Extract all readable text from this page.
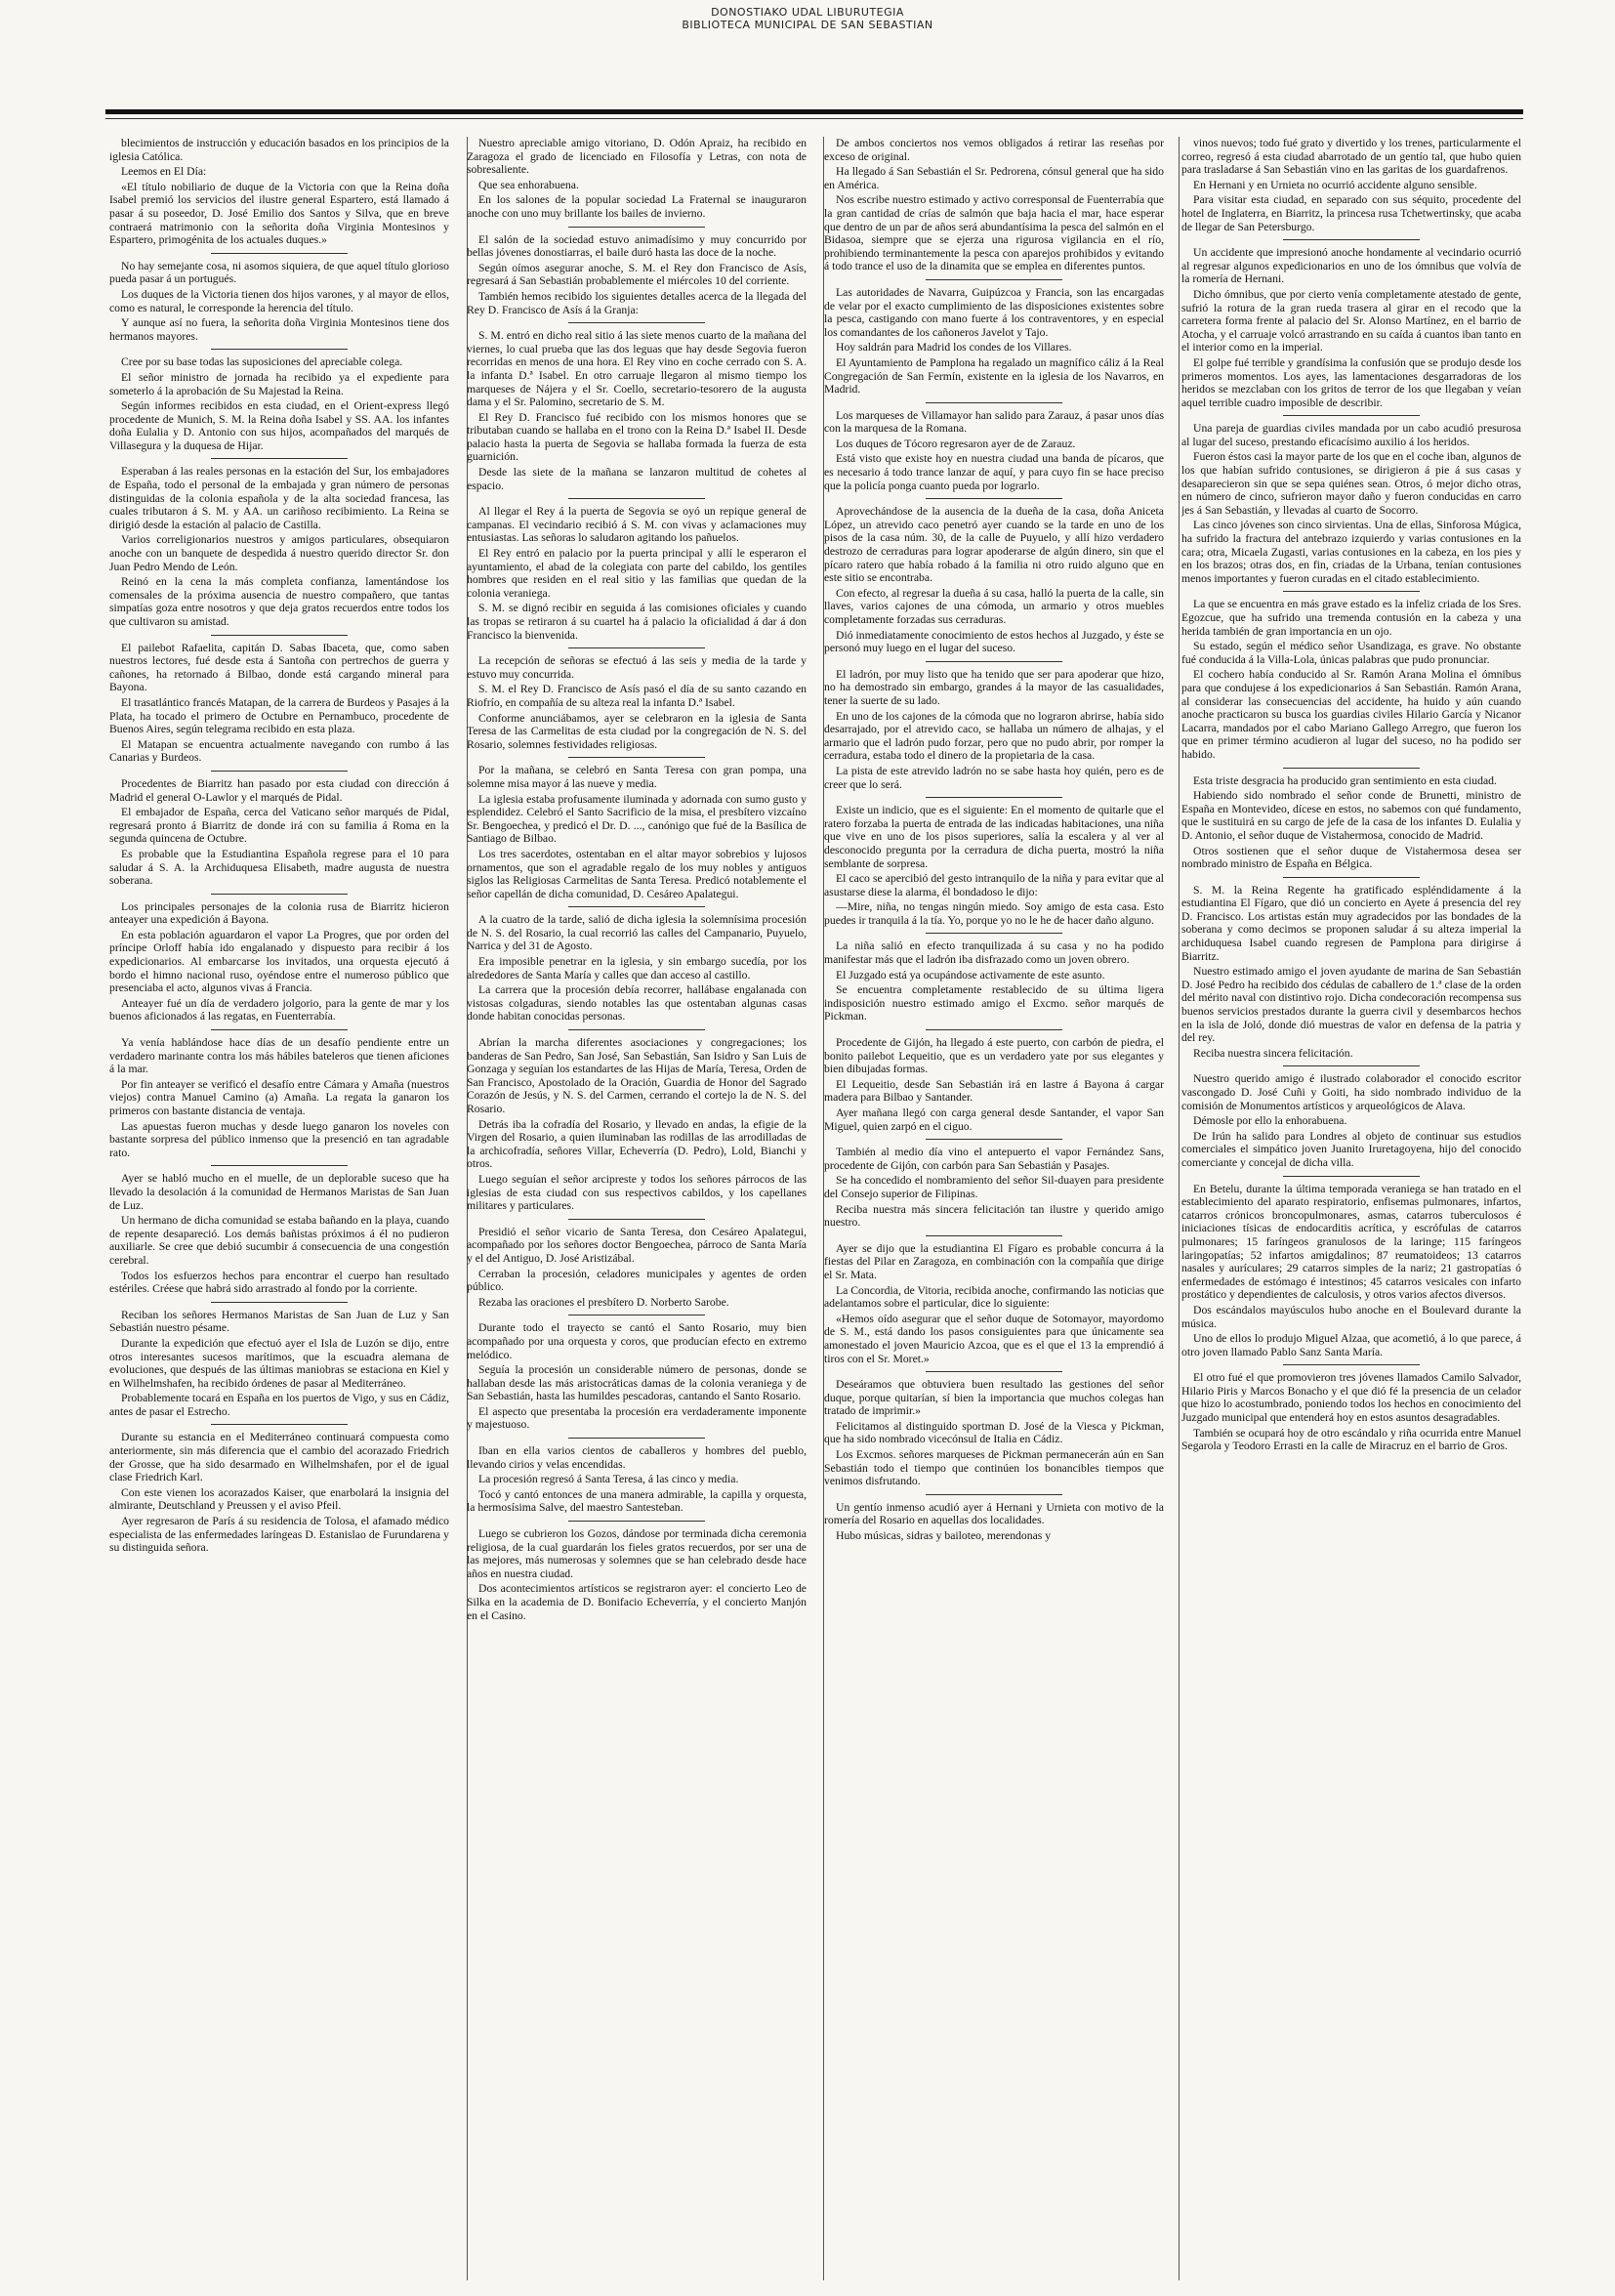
DONOSTIAKO UDAL LIBURUTEGIA
BIBLIOTECA MUNICIPAL DE SAN SEBASTIAN

blecimientos de instrucción y educación basados en los principios de la iglesia Católica.

Leemos en El Día:

«El título nobiliario de duque de la Victoria con que la Reina doña Isabel premió los servicios del ilustre general Espartero, está llamado á pasar á su poseedor, D. José Emilio dos Santos y Silva, que en breve contraerá matrimonio con la señorita doña Virginia Montesinos y Espartero, primogénita de los actuales duques.»

No hay semejante cosa, ni asomos siquiera, de que aquel título glorioso pueda pasar á un portugués.

Los duques de la Victoria tienen dos hijos varones, y al mayor de ellos, como es natural, le corresponde la herencia del título.

Y aunque así no fuera, la señorita doña Virginia Montesinos tiene dos hermanos mayores.

Cree por su base todas las suposiciones del apreciable colega.

El señor ministro de jornada ha recibido ya el expediente para someterlo á la aprobación de Su Majestad la Reina.

Según informes recibidos en esta ciudad, en el Orient-express llegó procedente de Munich, S. M. la Reina doña Isabel y SS. AA. los infantes doña Eulalia y D. Antonio con sus hijos, acompañados del marqués de Villasegura y la duquesa de Hijar.

Esperaban á las reales personas en la estación del Sur, los embajadores de España, todo el personal de la embajada y gran número de personas distinguidas de la colonia española y de la alta sociedad francesa, las cuales tributaron á S. M. y AA. un cariñoso recibimiento. La Reina se dirigió desde la estación al palacio de Castilla.

Varios correligionarios nuestros y amigos particulares, obsequiaron anoche con un banquete de despedida á nuestro querido director Sr. don Juan Pedro Mendo de León.

Reinó en la cena la más completa confianza, lamentándose los comensales de la próxima ausencia de nuestro compañero, que tantas simpatías goza entre nosotros y que deja gratos recuerdos entre todos los que cultivaron su amistad.

El pailebot Rafaelita, capitán D. Sabas Ibaceta, que, como saben nuestros lectores, fué desde esta á Santoña con pertrechos de guerra y cañones, ha retornado á Bilbao, donde está cargando mineral para Bayona.

El trasatlántico francés Matapan, de la carrera de Burdeos y Pasajes á la Plata, ha tocado el primero de Octubre en Pernambuco, procedente de Buenos Aires, según telegrama recibido en esta plaza.

El Matapan se encuentra actualmente navegando con rumbo á las Canarias y Burdeos.

Procedentes de Biarritz han pasado por esta ciudad con dirección á Madrid el general O-Lawlor y el marqués de Pidal.

El embajador de España, cerca del Vaticano señor marqués de Pidal, regresará pronto á Biarritz de donde irá con su familia á Roma en la segunda quincena de Octubre.

Es probable que la Estudiantina Española regrese para el 10 para saludar á S. A. la Archiduquesa Elisabeth, madre augusta de nuestra soberana.

Los principales personajes de la colonia rusa de Biarritz hicieron anteayer una expedición á Bayona.

En esta población aguardaron el vapor La Progres, que por orden del príncipe Orloff había ido engalanado y dispuesto para recibir á los expedicionarios. Al embarcarse los invitados, una orquesta ejecutó á bordo el himno nacional ruso, oyéndose entre el numeroso público que presenciaba el acto, algunos vivas á Francia.

Anteayer fué un día de verdadero jolgorio, para la gente de mar y los buenos aficionados á las regatas, en Fuenterrabía.

Ya venía hablándose hace días de un desafío pendiente entre un verdadero marinante contra los más hábiles bateleros que tienen aficiones á la mar.

Por fin anteayer se verificó el desafío entre Cámara y Amaña (nuestros viejos) contra Manuel Camino (a) Amaña. La regata la ganaron los primeros con bastante distancia de ventaja.

Las apuestas fueron muchas y desde luego ganaron los noveles con bastante sorpresa del público inmenso que la presenció en tan agradable rato.

Ayer se habló mucho en el muelle, de un deplorable suceso que ha llevado la desolación á la comunidad de Hermanos Maristas de San Juan de Luz.

Un hermano de dicha comunidad se estaba bañando en la playa, cuando de repente desapareció. Los demás bañistas próximos á él no pudieron auxiliarle. Se cree que debió sucumbir á consecuencia de una congestión cerebral.

Todos los esfuerzos hechos para encontrar el cuerpo han resultado estériles. Créese que habrá sido arrastrado al fondo por la corriente.

Reciban los señores Hermanos Maristas de San Juan de Luz y San Sebastián nuestro pésame.

Durante la expedición que efectuó ayer el Isla de Luzón se dijo, entre otros interesantes sucesos marítimos, que la escuadra alemana de evoluciones, que después de las últimas maniobras se estaciona en Kiel y en Wilhelmshafen, ha recibido órdenes de pasar al Mediterráneo.

Probablemente tocará en España en los puertos de Vigo, y sus en Cádiz, antes de pasar el Estrecho.

Durante su estancia en el Mediterráneo continuará compuesta como anteriormente, sin más diferencia que el cambio del acorazado Friedrich der Grosse, que ha sido desarmado en Wilhelmshafen, por el de igual clase Friedrich Karl.

Con este vienen los acorazados Kaiser, que enarbolará la insignia del almirante, Deutschland y Preussen y el aviso Pfeil.

Ayer regresaron de París á su residencia de Tolosa, el afamado médico especialista de las enfermedades laríngeas D. Estanislao de Furundarena y su distinguida señora.

Nuestro apreciable amigo vitoriano, D. Odón Apraiz, ha recibido en Zaragoza el grado de licenciado en Filosofía y Letras, con nota de sobresaliente.

Que sea enhorabuena.

En los salones de la popular sociedad La Fraternal se inauguraron anoche con uno muy brillante los bailes de invierno.

El salón de la sociedad estuvo animadísimo y muy concurrido por bellas jóvenes donostiarras, el baile duró hasta las doce de la noche.

Según oímos asegurar anoche, S. M. el Rey don Francisco de Asís, regresará á San Sebastián probablemente el miércoles 10 del corriente.

También hemos recibido los siguientes detalles acerca de la llegada del Rey D. Francisco de Asís á la Granja:

S. M. entró en dicho real sitio á las siete menos cuarto de la mañana del viernes, lo cual prueba que las dos leguas que hay desde Segovia fueron recorridas en menos de una hora. El Rey vino en coche cerrado con S. A. la infanta D.ª Isabel. En otro carruaje llegaron al mismo tiempo los marqueses de Nájera y el Sr. Coello, secretario-tesorero de la augusta dama y el Sr. Palomino, secretario de S. M.

El Rey D. Francisco fué recibido con los mismos honores que se tributaban cuando se hallaba en el trono con la Reina D.ª Isabel II. Desde palacio hasta la puerta de Segovia se hallaba formada la fuerza de esta guarnición.

Desde las siete de la mañana se lanzaron multitud de cohetes al espacio.

Al llegar el Rey á la puerta de Segovia se oyó un repique general de campanas. El vecindario recibió á S. M. con vivas y aclamaciones muy entusiastas. Las señoras lo saludaron agitando los pañuelos.

El Rey entró en palacio por la puerta principal y allí le esperaron el ayuntamiento, el abad de la colegiata con parte del cabildo, los gentiles hombres que residen en el real sitio y las familias que quedan de la colonia veraniega.

S. M. se dignó recibir en seguida á las comisiones oficiales y cuando las tropas se retiraron á su cuartel ha á palacio la oficialidad á dar á don Francisco la bienvenida.

La recepción de señoras se efectuó á las seis y media de la tarde y estuvo muy concurrida.

S. M. el Rey D. Francisco de Asís pasó el día de su santo cazando en Riofrío, en compañía de su alteza real la infanta D.ª Isabel.

Conforme anunciábamos, ayer se celebraron en la iglesia de Santa Teresa de las Carmelitas de esta ciudad por la congregación de N. S. del Rosario, solemnes festividades religiosas.

Por la mañana, se celebró en Santa Teresa con gran pompa, una solemne misa mayor á las nueve y media.

La iglesia estaba profusamente iluminada y adornada con sumo gusto y esplendidez. Celebró el Santo Sacrificio de la misa, el presbítero vizcaíno Sr. Bengoechea, y predicó el Dr. D. ..., canónigo que fué de la Basílica de Santiago de Bilbao.

Los tres sacerdotes, ostentaban en el altar mayor sobrebios y lujosos ornamentos, que son el agradable regalo de los muy nobles y antiguos siglos las Religiosas Carmelitas de Santa Teresa. Predicó notablemente el señor capellán de dicha comunidad, D. Cesáreo Apalategui.

A la cuatro de la tarde, salió de dicha iglesia la solemnísima procesión de N. S. del Rosario, la cual recorrió las calles del Campanario, Puyuelo, Narrica y del 31 de Agosto.

Era imposible penetrar en la iglesia, y sin embargo sucedía, por los alrededores de Santa María y calles que dan acceso al castillo.

La carrera que la procesión debía recorrer, hallábase engalanada con vistosas colgaduras, siendo notables las que ostentaban algunas casas donde habitan conocidas personas.

Abrían la marcha diferentes asociaciones y congregaciones; los banderas de San Pedro, San José, San Sebastián, San Isidro y San Luis de Gonzaga y seguían los estandartes de las Hijas de María, Teresa, Orden de San Francisco, Apostolado de la Oración, Guardia de Honor del Sagrado Corazón de Jesús, y N. S. del Carmen, cerrando el cortejo la de N. S. del Rosario.

Detrás iba la cofradía del Rosario, y llevado en andas, la efigie de la Virgen del Rosario, a quien iluminaban las rodillas de las arrodilladas de la archicofradía, señores Villar, Echeverría (D. Pedro), Lold, Bianchi y otros.

Luego seguían el señor arcipreste y todos los señores párrocos de las iglesias de esta ciudad con sus respectivos cabildos, y los capellanes militares y particulares.

Presidió el señor vicario de Santa Teresa, don Cesáreo Apalategui, acompañado por los señores doctor Bengoechea, párroco de Santa María y el del Antiguo, D. José Aristizábal.

Cerraban la procesión, celadores municipales y agentes de orden público.

Rezaba las oraciones el presbítero D. Norberto Sarobe.

Durante todo el trayecto se cantó el Santo Rosario, muy bien acompañado por una orquesta y coros, que producían efecto en extremo melódico.

Seguía la procesión un considerable número de personas, donde se hallaban desde las más aristocráticas damas de la colonia veraniega y de San Sebastián, hasta las humildes pescadoras, cantando el Santo Rosario.

El aspecto que presentaba la procesión era verdaderamente imponente y majestuoso.

Iban en ella varios cientos de caballeros y hombres del pueblo, llevando cirios y velas encendidas.

La procesión regresó á Santa Teresa, á las cinco y media.

Tocó y cantó entonces de una manera admirable, la capilla y orquesta, la hermosísima Salve, del maestro Santesteban.

Luego se cubrieron los Gozos, dándose por terminada dicha ceremonia religiosa, de la cual guardarán los fieles gratos recuerdos, por ser una de las mejores, más numerosas y solemnes que se han celebrado desde hace años en nuestra ciudad.

Dos acontecimientos artísticos se registraron ayer: el concierto Leo de Silka en la academia de D. Bonifacio Echeverría, y el concierto Manjón en el Casino.

De ambos conciertos nos vemos obligados á retirar las reseñas por exceso de original.

Ha llegado á San Sebastián el Sr. Pedrorena, cónsul general que ha sido en América.

Nos escribe nuestro estimado y activo corresponsal de Fuenterrabía que la gran cantidad de crías de salmón que baja hacia el mar, hace esperar que dentro de un par de años será abundantísima la pesca del salmón en el Bidasoa, siempre que se ejerza una rigurosa vigilancia en el río, prohibiendo terminantemente la pesca con aparejos prohibidos y evitando á todo trance el uso de la dinamita que se emplea en diferentes puntos.

Las autoridades de Navarra, Guipúzcoa y Francia, son las encargadas de velar por el exacto cumplimiento de las disposiciones existentes sobre la pesca, castigando con mano fuerte á los contraventores, y en especial los comandantes de los cañoneros Javelot y Tajo.

Hoy saldrán para Madrid los condes de los Villares.

El Ayuntamiento de Pamplona ha regalado un magnífico cáliz á la Real Congregación de San Fermín, existente en la iglesia de los Navarros, en Madrid.

Los marqueses de Villamayor han salido para Zarauz, á pasar unos días con la marquesa de la Romana.

Los duques de Tócoro regresaron ayer de de Zarauz.

Está visto que existe hoy en nuestra ciudad una banda de pícaros, que es necesario á todo trance lanzar de aquí, y para cuyo fin se hace preciso que la policía ponga cuanto pueda por lograrlo.

Aprovechándose de la ausencia de la dueña de la casa, doña Aniceta López, un atrevido caco penetró ayer cuando se la tarde en uno de los pisos de la casa núm. 30, de la calle de Puyuelo, y allí hizo verdadero destrozo de cerraduras para lograr apoderarse de algún dinero, sin que el pícaro ratero que había robado á la familia ni otro ruido alguno que en este sitio se encontraba.

Con efecto, al regresar la dueña á su casa, halló la puerta de la calle, sin llaves, varios cajones de una cómoda, un armario y otros muebles completamente forzadas sus cerraduras.

Dió inmediatamente conocimiento de estos hechos al Juzgado, y éste se personó muy luego en el lugar del suceso.

El ladrón, por muy listo que ha tenido que ser para apoderar que hizo, no ha demostrado sin embargo, grandes á la mayor de las casualidades, tener la suerte de su lado.

En uno de los cajones de la cómoda que no lograron abrirse, había sido desarrajado, por el atrevido caco, se hallaba un número de alhajas, y el armario que el ladrón pudo forzar, pero que no pudo abrir, por romper la cerradura, estaba todo el dinero de la propietaria de la casa.

La pista de este atrevido ladrón no se sabe hasta hoy quién, pero es de creer que lo será.

Existe un indicio, que es el siguiente: En el momento de quitarle que el ratero forzaba la puerta de entrada de las indicadas habitaciones, una niña que vive en uno de los pisos superiores, salía la escalera y al ver al desconocido pregunta por la cerradura de dicha puerta, mostró la niña semblante de sorpresa.

El caco se apercibió del gesto intranquilo de la niña y para evitar que al asustarse diese la alarma, él bondadoso le dijo:

—Mire, niña, no tengas ningún miedo. Soy amigo de esta casa. Esto puedes ir tranquila á la tía. Yo, porque yo no le he de hacer daño alguno.

La niña salió en efecto tranquilizada á su casa y no ha podido manifestar más que el ladrón iba disfrazado como un joven obrero.

El Juzgado está ya ocupándose activamente de este asunto.

Se encuentra completamente restablecido de su última ligera indisposición nuestro estimado amigo el Excmo. señor marqués de Pickman.

Procedente de Gijón, ha llegado á este puerto, con carbón de piedra, el bonito pailebot Lequeitio, que es un verdadero yate por sus elegantes y bien dibujadas formas.

El Lequeitio, desde San Sebastián irá en lastre á Bayona á cargar madera para Bilbao y Santander.

Ayer mañana llegó con carga general desde Santander, el vapor San Miguel, quien zarpó en el ciguo.

También al medio día vino el antepuerto el vapor Fernández Sans, procedente de Gijón, con carbón para San Sebastián y Pasajes.

Se ha concedido el nombramiento del señor Sil-duayen para presidente del Consejo superior de Filipinas.

Reciba nuestra más sincera felicitación tan ilustre y querido amigo nuestro.

Ayer se dijo que la estudiantina El Fígaro es probable concurra á la fiestas del Pilar en Zaragoza, en combinación con la compañía que dirige el Sr. Mata.

La Concordia, de Vitoria, recibida anoche, confirmando las noticias que adelantamos sobre el particular, dice lo siguiente:

«Hemos oído asegurar que el señor duque de Sotomayor, mayordomo de S. M., está dando los pasos consiguientes para que únicamente sea amonestado el joven Mauricio Azcoa, que es el que el 13 la emprendió á tiros con el Sr. Moret.»

Deseáramos que obtuviera buen resultado las gestiones del señor duque, porque quitarían, sí bien la importancia que muchos colegas han tratado de imprimir.»

Felicitamos al distinguido sportman D. José de la Viesca y Pickman, que ha sido nombrado vicecónsul de Italia en Cádiz.

Los Excmos. señores marqueses de Pickman permanecerán aún en San Sebastián todo el tiempo que continúen los bonancibles tiempos que venimos disfrutando.

Un gentío inmenso acudió ayer á Hernani y Urnieta con motivo de la romería del Rosario en aquellas dos localidades.

Hubo músicas, sidras y bailoteo, merendonas y

vinos nuevos; todo fué grato y divertido y los trenes, particularmente el correo, regresó á esta ciudad abarrotado de un gentío tal, que hubo quien para trasladarse á San Sebastián vino en las garitas de los guardafrenos.

En Hernani y en Urnieta no ocurrió accidente alguno sensible.

Para visitar esta ciudad, en separado con sus séquito, procedente del hotel de Inglaterra, en Biarritz, la princesa rusa Tchetwertinsky, que acaba de llegar de San Petersburgo.

Un accidente que impresionó anoche hondamente al vecindario ocurrió al regresar algunos expedicionarios en uno de los ómnibus que volvía de la romería de Hernani.

Dicho ómnibus, que por cierto venía completamente atestado de gente, sufrió la rotura de la gran rueda trasera al girar en el recodo que la carretera forma frente al palacio del Sr. Alonso Martínez, en el barrio de Atocha, y el carruaje volcó arrastrando en su caída á cuantos iban tanto en el interior como en la imperial.

El golpe fué terrible y grandísima la confusión que se produjo desde los primeros momentos. Los ayes, las lamentaciones desgarradoras de los heridos se mezclaban con los gritos de terror de los que llegaban y veían aquel terrible cuadro imposible de describir.

Una pareja de guardias civiles mandada por un cabo acudió presurosa al lugar del suceso, prestando eficacísimo auxilio á los heridos.

Fueron éstos casi la mayor parte de los que en el coche iban, algunos de los que habían sufrido contusiones, se dirigieron á pie á sus casas y desaparecieron sin que se sepa quiénes sean. Otros, ó mejor dicho otras, en número de cinco, sufrieron mayor daño y fueron conducidas en carro jes á San Sebastián, y llevadas al cuarto de Socorro.

Las cinco jóvenes son cinco sirvientas. Una de ellas, Sinforosa Múgica, ha sufrido la fractura del antebrazo izquierdo y varias contusiones en la cara; otra, Micaela Zugasti, varias contusiones en la cabeza, en los pies y en los brazos; otras dos, en fin, criadas de la Urbana, tenían contusiones menos importantes y fueron curadas en el citado establecimiento.

La que se encuentra en más grave estado es la infeliz criada de los Sres. Egozcue, que ha sufrido una tremenda contusión en la cabeza y una herida también de gran importancia en un ojo.

Su estado, según el médico señor Usandizaga, es grave. No obstante fué conducida á la Villa-Lola, únicas palabras que pudo pronunciar.

El cochero había conducido al Sr. Ramón Arana Molina el ómnibus para que condujese á los expedicionarios á San Sebastián. Ramón Arana, al considerar las consecuencias del accidente, ha huido y aún cuando anoche practicaron su busca los guardias civiles Hilario García y Nicanor Lacarra, mandados por el cabo Mariano Gallego Arregro, que fueron los que en primer término acudieron al lugar del suceso, no ha podido ser habido.

Esta triste desgracia ha producido gran sentimiento en esta ciudad.

Habiendo sido nombrado el señor conde de Brunetti, ministro de España en Montevideo, dícese en estos, no sabemos con qué fundamento, que le sustituirá en su cargo de jefe de la casa de los infantes D. Eulalia y D. Antonio, el señor duque de Vistahermosa, conocido de Madrid.

Otros sostienen que el señor duque de Vistahermosa desea ser nombrado ministro de España en Bélgica.

S. M. la Reina Regente ha gratificado espléndidamente á la estudiantina El Fígaro, que dió un concierto en Ayete á presencia del rey D. Francisco. Los artistas están muy agradecidos por las bondades de la soberana y como decimos se proponen saludar á su alteza imperial la archiduquesa Isabel cuando regresen de Pamplona para dirigirse á Biarritz.

Nuestro estimado amigo el joven ayudante de marina de San Sebastián D. José Pedro ha recibido dos cédulas de caballero de 1.ª clase de la orden del mérito naval con distintivo rojo. Dicha condecoración recompensa sus buenos servicios prestados durante la guerra civil y desembarcos hechos en la isla de Joló, donde dió muestras de valor en defensa de la patria y del rey.

Reciba nuestra sincera felicitación.

Nuestro querido amigo é ilustrado colaborador el conocido escritor vascongado D. José Cuñi y Goiti, ha sido nombrado individuo de la comisión de Monumentos artísticos y arqueológicos de Alava.

Démosle por ello la enhorabuena.

De Irún ha salido para Londres al objeto de continuar sus estudios comerciales el simpático joven Juanito Iruretagoyena, hijo del conocido comerciante y concejal de dicha villa.

En Betelu, durante la última temporada veraniega se han tratado en el establecimiento del aparato respiratorio, enfisemas pulmonares, infartos, catarros crónicos broncopulmonares, asmas, catarros tuberculosos é iniciaciones tísicas de endocarditis acrítica, y escrófulas de catarros pulmonares; 15 faríngeos granulosos de la laringe; 115 faríngeos laringopatías; 52 infartos amigdalinos; 87 reumatoideos; 13 catarros nasales y aurículares; 29 catarros simples de la nariz; 21 gastropatías ó enfermedades de estómago é intestinos; 45 catarros vesicales con infarto prostático y dependientes de calculosis, y otros varios afectos diversos.

Dos escándalos mayúsculos hubo anoche en el Boulevard durante la música.

Uno de ellos lo produjo Miguel Alzaa, que acometió, á lo que parece, á otro joven llamado Pablo Sanz Santa María.

El otro fué el que promovieron tres jóvenes llamados Camilo Salvador, Hilario Piris y Marcos Bonacho y el que dió fé la presencia de un celador que hizo lo acostumbrado, poniendo todos los hechos en conocimiento del Juzgado municipal que entenderá hoy en estos asuntos desagradables.

También se ocupará hoy de otro escándalo y riña ocurrida entre Manuel Segarola y Teodoro Errasti en la calle de Miracruz en el barrio de Gros.
